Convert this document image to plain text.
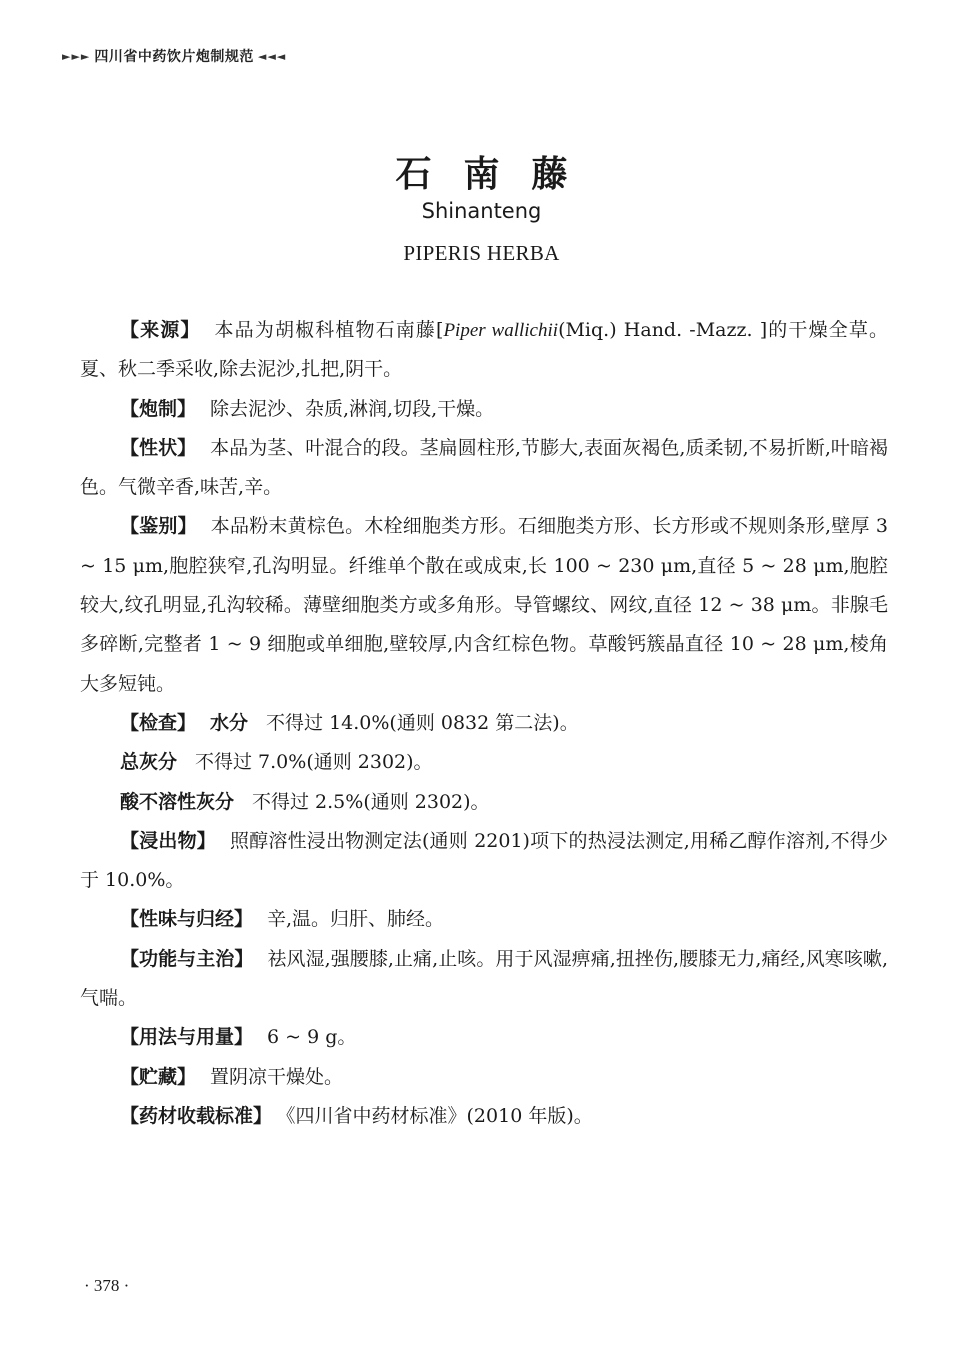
►►► 四川省中药饮片炮制规范 ◄◄◄
石南藤
Shinanteng
PIPERIS HERBA

【来源】 本品为胡椒科植物石南藤[Piper wallichii(Miq.) Hand. -Mazz. ]的干燥全草。夏、秋二季采收,除去泥沙,扎把,阴干。

【炮制】 除去泥沙、杂质,淋润,切段,干燥。

【性状】 本品为茎、叶混合的段。茎扁圆柱形,节膨大,表面灰褐色,质柔韧,不易折断,叶暗褐色。气微辛香,味苦,辛。

【鉴别】 本品粉末黄棕色。木栓细胞类方形。石细胞类方形、长方形或不规则条形,壁厚 3 ~ 15 μm,胞腔狭窄,孔沟明显。纤维单个散在或成束,长 100 ~ 230 μm,直径 5 ~ 28 μm,胞腔较大,纹孔明显,孔沟较稀。薄壁细胞类方或多角形。导管螺纹、网纹,直径 12 ~ 38 μm。非腺毛多碎断,完整者 1 ~ 9 细胞或单细胞,壁较厚,内含红棕色物。草酸钙簇晶直径 10 ~ 28 μm,棱角大多短钝。

【检查】 水分 不得过 14.0%(通则 0832 第二法)。

总灰分 不得过 7.0%(通则 2302)。

酸不溶性灰分 不得过 2.5%(通则 2302)。

【浸出物】 照醇溶性浸出物测定法(通则 2201)项下的热浸法测定,用稀乙醇作溶剂,不得少于 10.0%。

【性味与归经】 辛,温。归肝、肺经。

【功能与主治】 祛风湿,强腰膝,止痛,止咳。用于风湿痹痛,扭挫伤,腰膝无力,痛经,风寒咳嗽,气喘。

【用法与用量】 6 ~ 9 g。

【贮藏】 置阴凉干燥处。

【药材收载标准】 《四川省中药材标准》(2010 年版)。

· 378 ·
